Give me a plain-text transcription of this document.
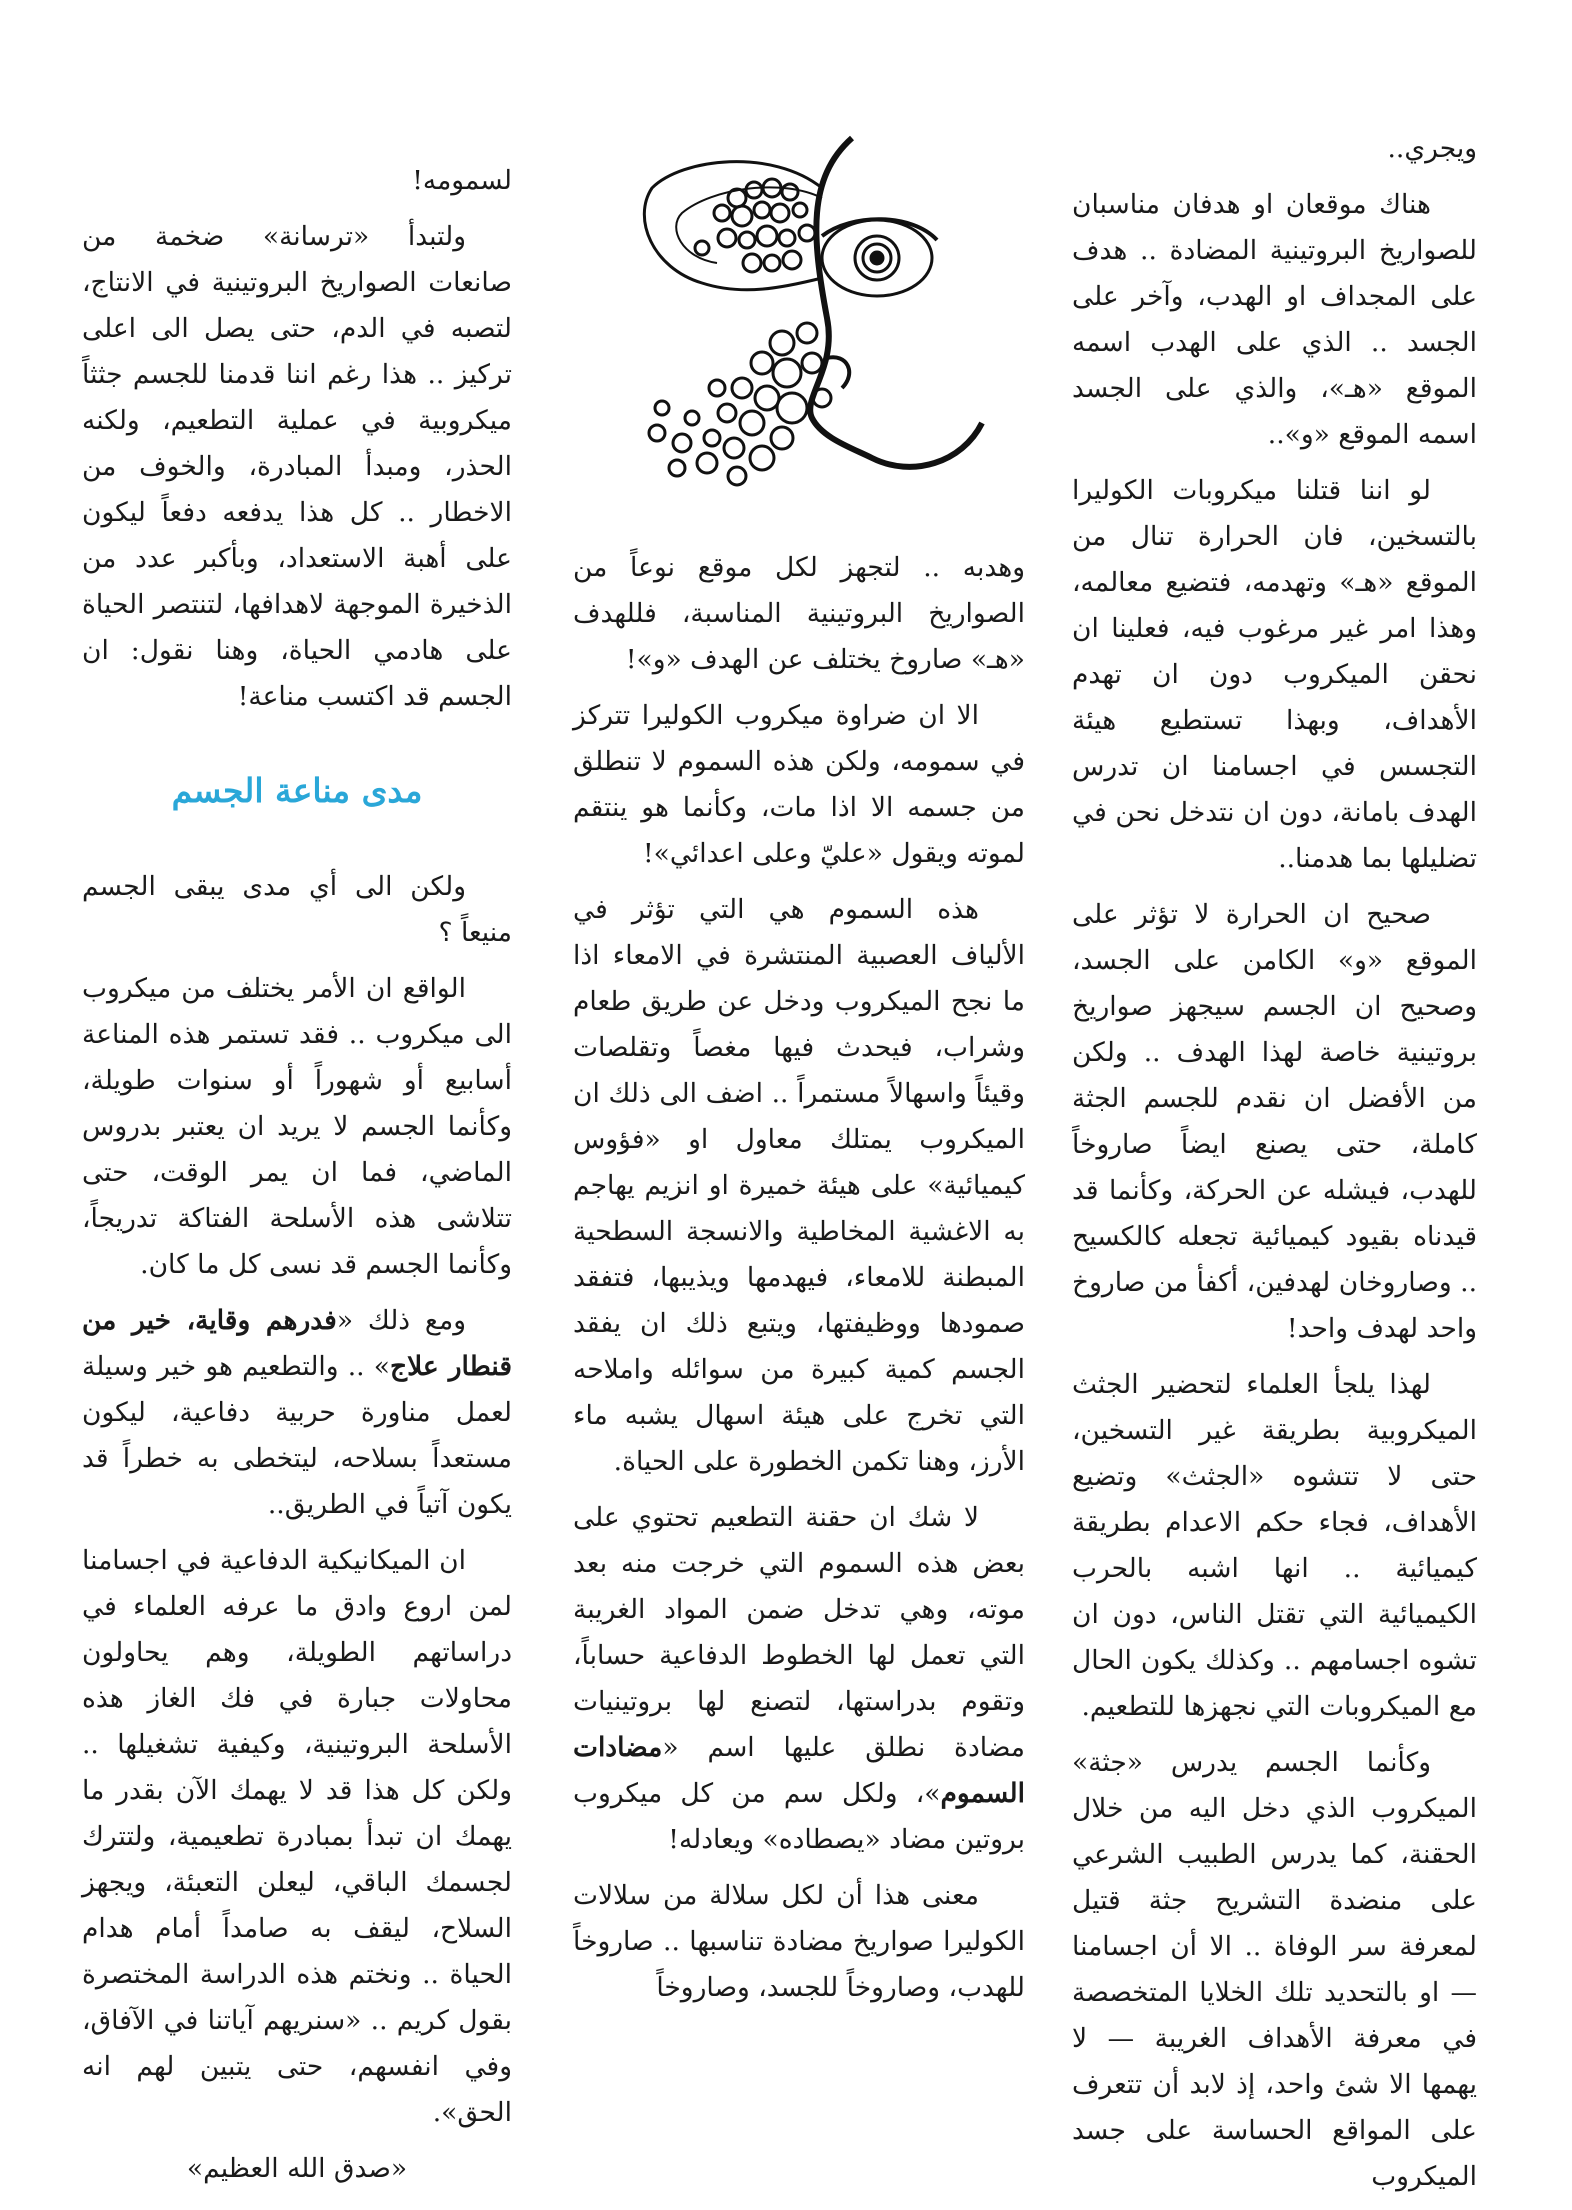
ويجري..

هناك موقعان او هدفان مناسبان للصواريخ البروتينية المضادة .. هدف على المجداف او الهدب، وآخر على الجسد .. الذي على الهدب اسمه الموقع «هـ»، والذي على الجسد اسمه الموقع «و»..

لو اننا قتلنا ميكروبات الكوليرا بالتسخين، فان الحرارة تنال من الموقع «هـ» وتهدمه، فتضيع معالمه، وهذا امر غير مرغوب فيه، فعلينا ان نحقن الميكروب دون ان تهدم الأهداف، وبهذا تستطيع هيئة التجسس في اجسامنا ان تدرس الهدف بامانة، دون ان نتدخل نحن في تضليلها بما هدمنا..

صحيح ان الحرارة لا تؤثر على الموقع «و» الكامن على الجسد، وصحيح ان الجسم سيجهز صواريخ بروتينية خاصة لهذا الهدف .. ولكن من الأفضل ان نقدم للجسم الجثة كاملة، حتى يصنع ايضاً صاروخاً للهدب، فيشله عن الحركة، وكأنما قد قيدناه بقيود كيميائية تجعله كالكسيح .. وصاروخان لهدفين، أكفأ من صاروخ واحد لهدف واحد!

لهذا يلجأ العلماء لتحضير الجثث الميكروبية بطريقة غير التسخين، حتى لا تتشوه «الجثث» وتضيع الأهداف، فجاء حكم الاعدام بطريقة كيميائية .. انها اشبه بالحرب الكيميائية التي تقتل الناس، دون ان تشوه اجسامهم .. وكذلك يكون الحال مع الميكروبات التي نجهزها للتطعيم.

وكأنما الجسم يدرس «جثة» الميكروب الذي دخل اليه من خلال الحقنة، كما يدرس الطبيب الشرعي على منضدة التشريح جثة قتيل لمعرفة سر الوفاة .. الا أن اجسامنا — او بالتحديد تلك الخلايا المتخصصة في معرفة الأهداف الغريبة — لا يهمها الا شئ واحد، إذ لابد أن تتعرف على المواقع الحساسة على جسد الميكروب

وهدبه .. لتجهز لكل موقع نوعاً من الصواريخ البروتينية المناسبة، فللهدف «هـ» صاروخ يختلف عن الهدف «و»!

الا ان ضراوة ميكروب الكوليرا تتركز في سمومه، ولكن هذه السموم لا تنطلق من جسمه الا اذا مات، وكأنما هو ينتقم لموته ويقول «عليّ وعلى اعدائي»!

هذه السموم هي التي تؤثر في الألياف العصبية المنتشرة في الامعاء اذا ما نجح الميكروب ودخل عن طريق طعام وشراب، فيحدث فيها مغصاً وتقلصات وقيئاً واسهالاً مستمراً .. اضف الى ذلك ان الميكروب يمتلك معاول او «فؤوس كيميائية» على هيئة خميرة او انزيم يهاجم به الاغشية المخاطية والانسجة السطحية المبطنة للامعاء، فيهدمها ويذيبها، فتفقد صمودها ووظيفتها، ويتبع ذلك ان يفقد الجسم كمية كبيرة من سوائله واملاحه التي تخرج على هيئة اسهال يشبه ماء الأرز، وهنا تكمن الخطورة على الحياة.

لا شك ان حقنة التطعيم تحتوي على بعض هذه السموم التي خرجت منه بعد موته، وهي تدخل ضمن المواد الغريبة التي تعمل لها الخطوط الدفاعية حساباً، وتقوم بدراستها، لتصنع لها بروتينيات مضادة نطلق عليها اسم «مضادات السموم»، ولكل سم من كل ميكروب بروتين مضاد «يصطاده» ويعادله!

معنى هذا أن لكل سلالة من سلالات الكوليرا صواريخ مضادة تناسبها .. صاروخاً للهدب، وصاروخاً للجسد، وصاروخاً

لسمومه!

ولتبدأ «ترسانة» ضخمة من صانعات الصواريخ البروتينية في الانتاج، لتصبه في الدم، حتى يصل الى اعلى تركيز .. هذا رغم اننا قدمنا للجسم جثثاً ميكروبية في عملية التطعيم، ولكنه الحذر، ومبدأ المبادرة، والخوف من الاخطار .. كل هذا يدفعه دفعاً ليكون على أهبة الاستعداد، وبأكبر عدد من الذخيرة الموجهة لاهدافها، لتنتصر الحياة على هادمي الحياة، وهنا نقول: ان الجسم قد اكتسب مناعة!

مدى مناعة الجسم

ولكن الى أي مدى يبقى الجسم منيعاً ؟

الواقع ان الأمر يختلف من ميكروب الى ميكروب .. فقد تستمر هذه المناعة أسابيع أو شهوراً أو سنوات طويلة، وكأنما الجسم لا يريد ان يعتبر بدروس الماضي، فما ان يمر الوقت، حتى تتلاشى هذه الأسلحة الفتاكة تدريجاً، وكأنما الجسم قد نسى كل ما كان.

ومع ذلك «فدرهم وقاية، خير من قنطار علاج» .. والتطعيم هو خير وسيلة لعمل مناورة حربية دفاعية، ليكون مستعداً بسلاحه، ليتخطى به خطراً قد يكون آتياً في الطريق..

ان الميكانيكية الدفاعية في اجسامنا لمن اروع وادق ما عرفه العلماء في دراساتهم الطويلة، وهم يحاولون محاولات جبارة في فك الغاز هذه الأسلحة البروتينية، وكيفية تشغيلها .. ولكن كل هذا قد لا يهمك الآن بقدر ما يهمك ان تبدأ بمبادرة تطعيمية، ولتترك لجسمك الباقي، ليعلن التعبئة، ويجهز السلاح، ليقف به صامداً أمام هدام الحياة .. ونختم هذه الدراسة المختصرة بقول كريم .. «سنريهم آياتنا في الآفاق، وفي انفسهم، حتى يتبين لهم انه الحق».

«صدق الله العظيم»
